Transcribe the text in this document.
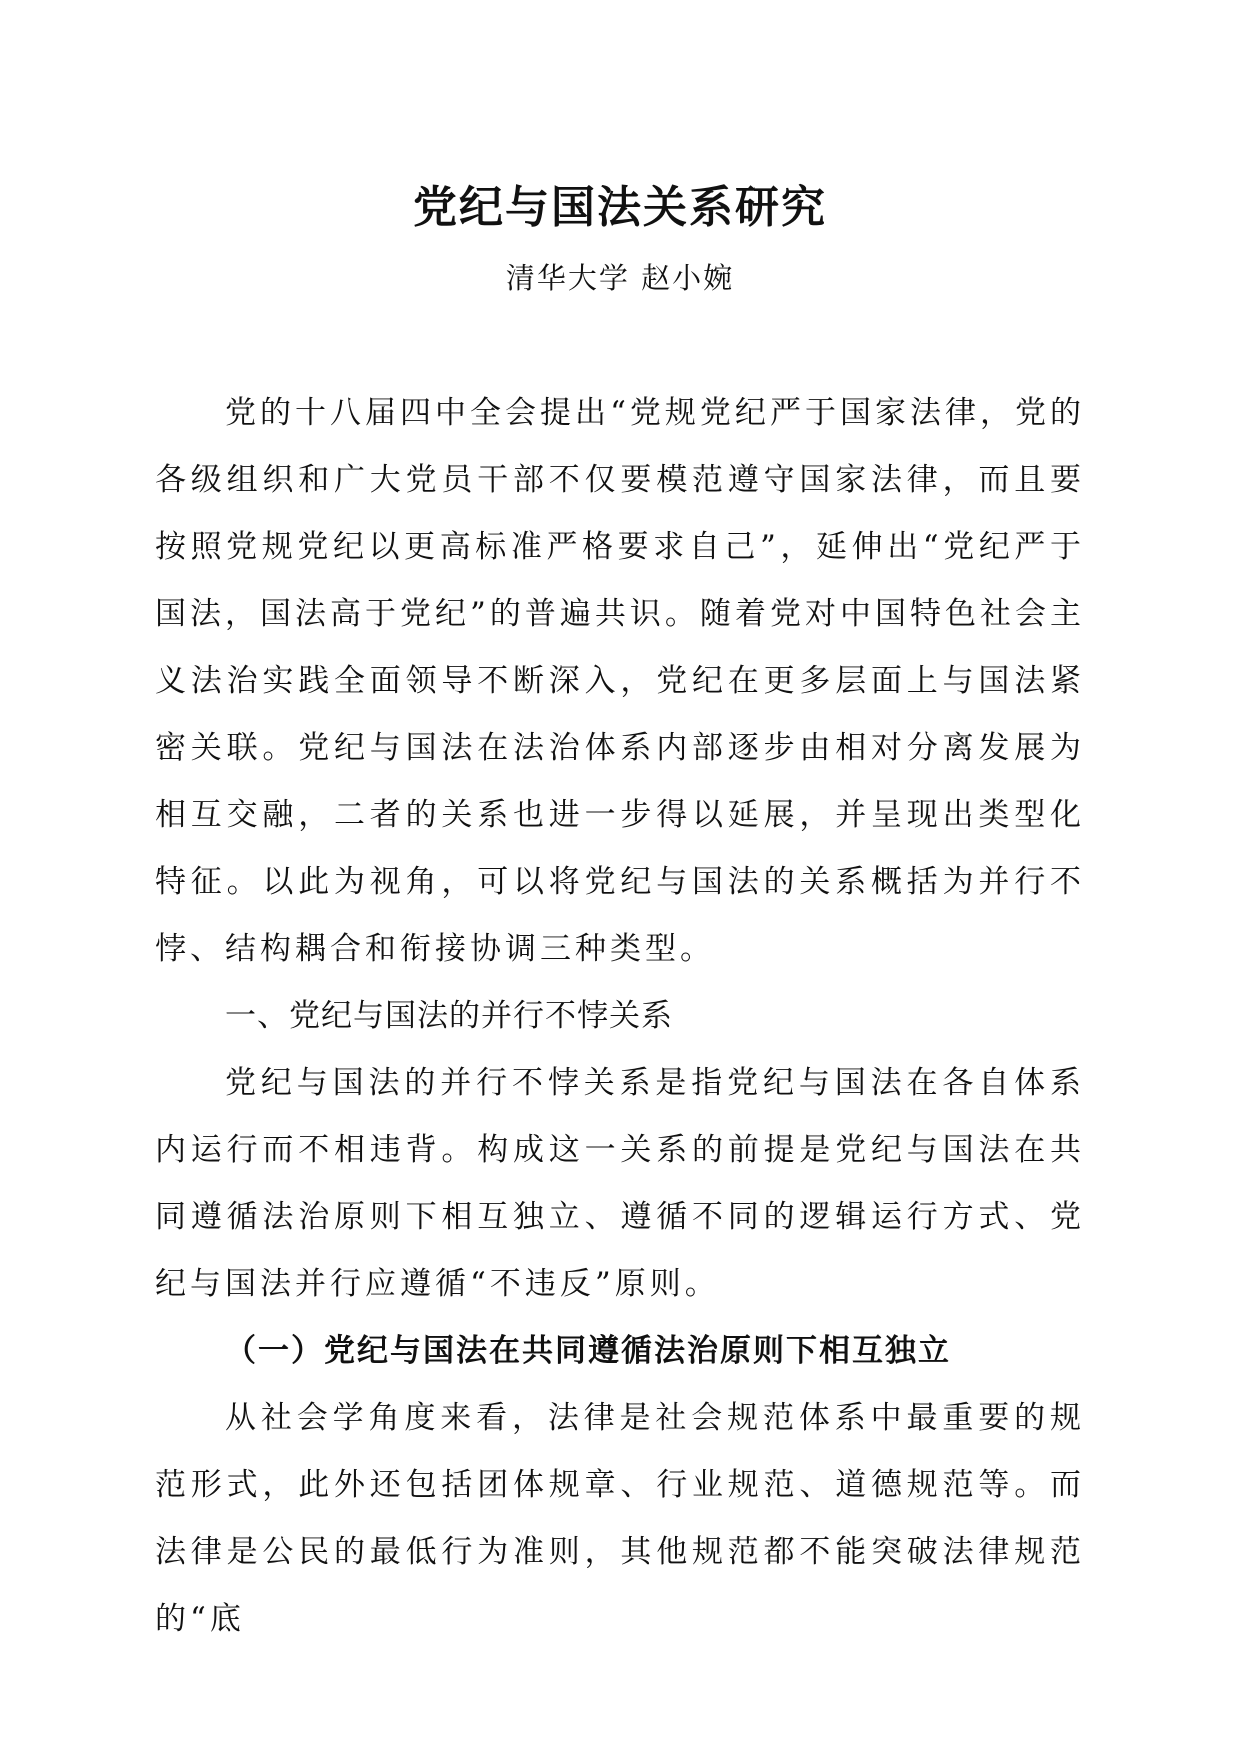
党纪与国法关系研究
清华大学 赵小婉

党的十八届四中全会提出“党规党纪严于国家法律，党的各级组织和广大党员干部不仅要模范遵守国家法律，而且要按照党规党纪以更高标准严格要求自己”，延伸出“党纪严于国法，国法高于党纪”的普遍共识。随着党对中国特色社会主义法治实践全面领导不断深入，党纪在更多层面上与国法紧密关联。党纪与国法在法治体系内部逐步由相对分离发展为相互交融，二者的关系也进一步得以延展，并呈现出类型化特征。以此为视角，可以将党纪与国法的关系概括为并行不悖、结构耦合和衔接协调三种类型。

一、党纪与国法的并行不悖关系

党纪与国法的并行不悖关系是指党纪与国法在各自体系内运行而不相违背。构成这一关系的前提是党纪与国法在共同遵循法治原则下相互独立、遵循不同的逻辑运行方式、党纪与国法并行应遵循“不违反”原则。

（一）党纪与国法在共同遵循法治原则下相互独立

从社会学角度来看，法律是社会规范体系中最重要的规范形式，此外还包括团体规章、行业规范、道德规范等。而法律是公民的最低行为准则，其他规范都不能突破法律规范的“底
